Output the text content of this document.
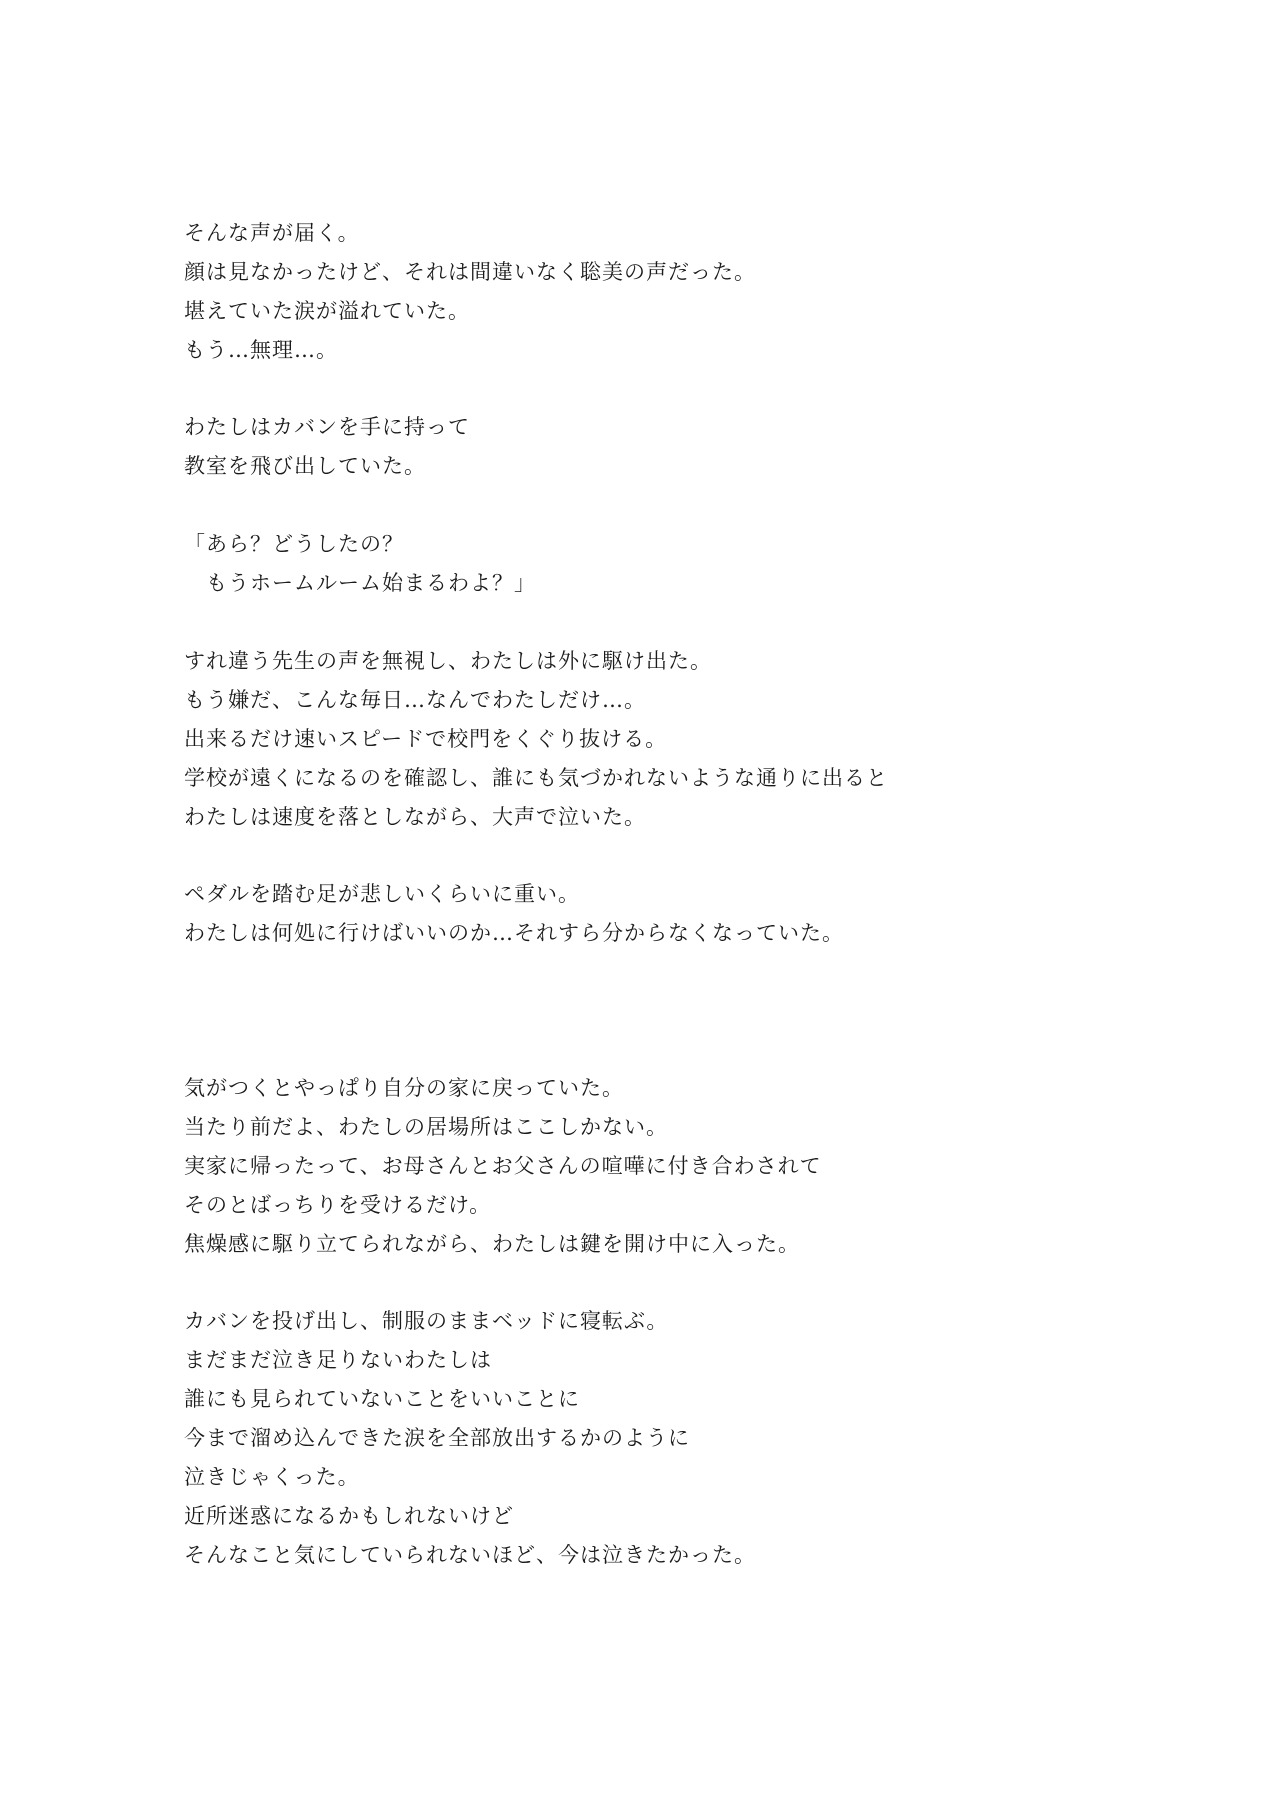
そんな声が届く。
顔は見なかったけど、それは間違いなく聡美の声だった。
堪えていた涙が溢れていた。
もう…無理…。
わたしはカバンを手に持って
教室を飛び出していた。
「あら？どうしたの？
もうホームルーム始まるわよ？」
すれ違う先生の声を無視し、わたしは外に駆け出た。
もう嫌だ、こんな毎日…なんでわたしだけ…。
出来るだけ速いスピードで校門をくぐり抜ける。
学校が遠くになるのを確認し、誰にも気づかれないような通りに出ると
わたしは速度を落としながら、大声で泣いた。
ペダルを踏む足が悲しいくらいに重い。
わたしは何処に行けばいいのか…それすら分からなくなっていた。
気がつくとやっぱり自分の家に戻っていた。
当たり前だよ、わたしの居場所はここしかない。
実家に帰ったって、お母さんとお父さんの喧嘩に付き合わされて
そのとばっちりを受けるだけ。
焦燥感に駆り立てられながら、わたしは鍵を開け中に入った。
カバンを投げ出し、制服のままベッドに寝転ぶ。
まだまだ泣き足りないわたしは
誰にも見られていないことをいいことに
今まで溜め込んできた涙を全部放出するかのように
泣きじゃくった。
近所迷惑になるかもしれないけど
そんなこと気にしていられないほど、今は泣きたかった。
